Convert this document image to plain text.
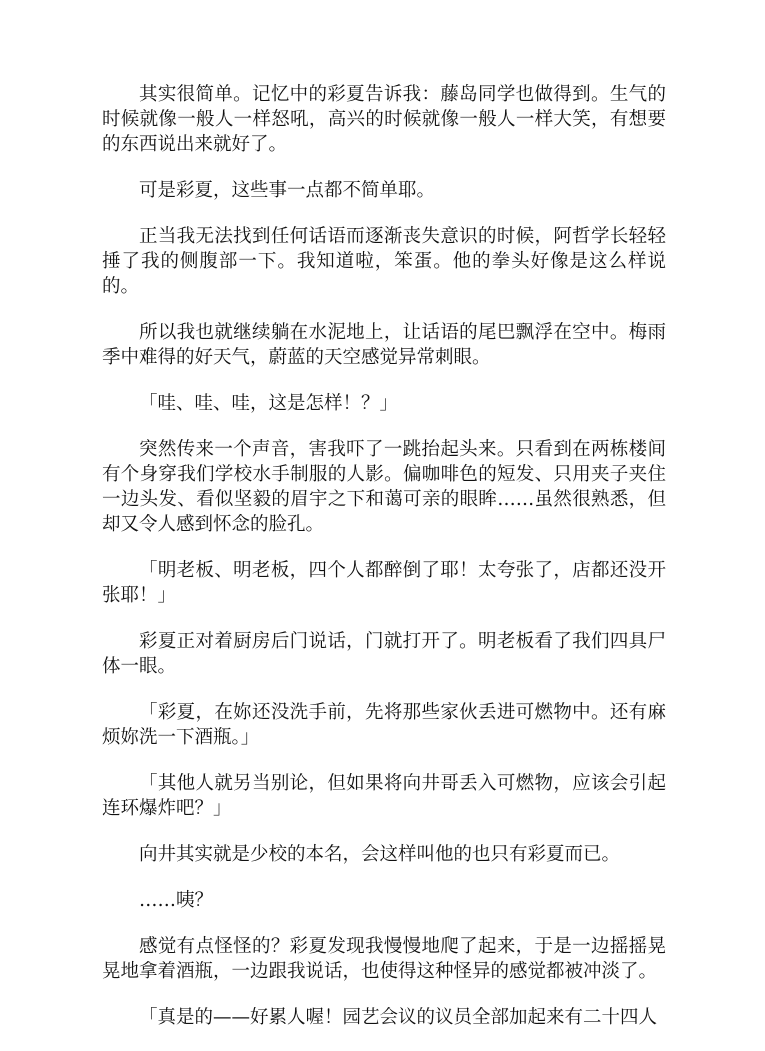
其实很简单。记忆中的彩夏告诉我：藤岛同学也做得到。生气的时候就像一般人一样怒吼，高兴的时候就像一般人一样大笑，有想要的东西说出来就好了。

可是彩夏，这些事一点都不简单耶。

正当我无法找到任何话语而逐渐丧失意识的时候，阿哲学长轻轻捶了我的侧腹部一下。我知道啦，笨蛋。他的拳头好像是这么样说的。

所以我也就继续躺在水泥地上，让话语的尾巴飘浮在空中。梅雨季中难得的好天气，蔚蓝的天空感觉异常刺眼。

「哇、哇、哇，这是怎样！？」

突然传来一个声音，害我吓了一跳抬起头来。只看到在两栋楼间有个身穿我们学校水手制服的人影。偏咖啡色的短发、只用夹子夹住一边头发、看似坚毅的眉宇之下和蔼可亲的眼眸……虽然很熟悉，但却又令人感到怀念的脸孔。

「明老板、明老板，四个人都醉倒了耶！太夸张了，店都还没开张耶！」

彩夏正对着厨房后门说话，门就打开了。明老板看了我们四具尸体一眼。

「彩夏，在妳还没洗手前，先将那些家伙丢进可燃物中。还有麻烦妳洗一下酒瓶。」

「其他人就另当别论，但如果将向井哥丢入可燃物，应该会引起连环爆炸吧？」

向井其实就是少校的本名，会这样叫他的也只有彩夏而已。

……咦？

感觉有点怪怪的？彩夏发现我慢慢地爬了起来，于是一边摇摇晃晃地拿着酒瓶，一边跟我说话，也使得这种怪异的感觉都被冲淡了。

「真是的——好累人喔！园艺会议的议员全部加起来有二十四人
